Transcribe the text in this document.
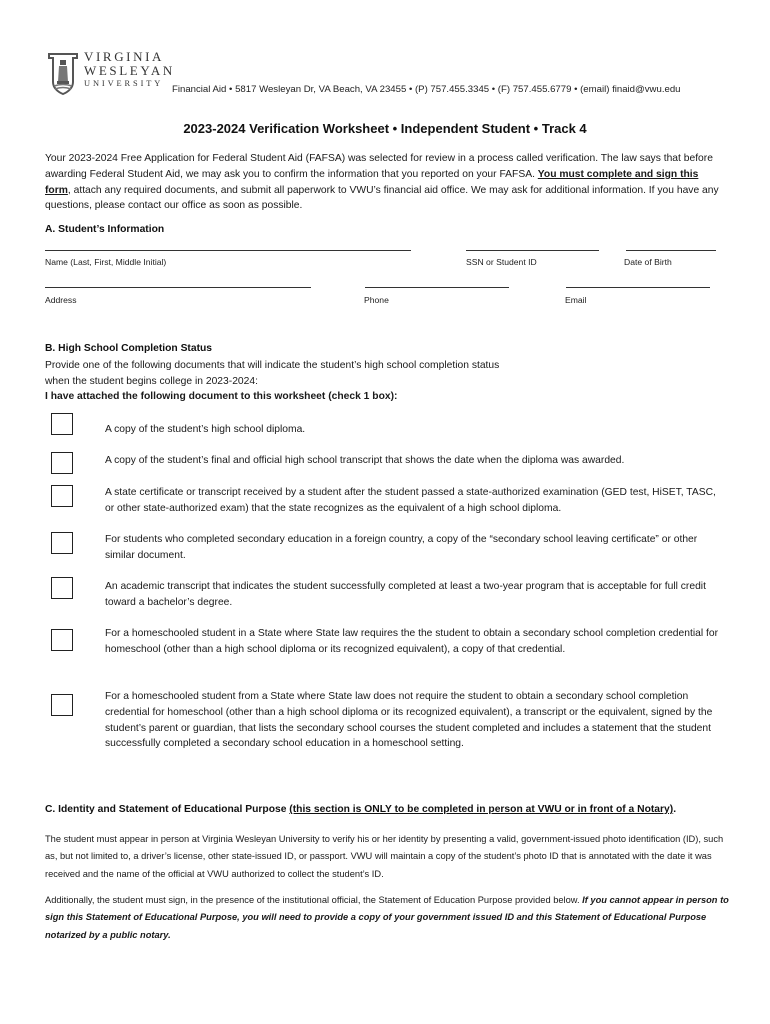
VIRGINIA
WESLEYAN
UNIVERSITY
Financial Aid • 5817 Wesleyan Dr, VA Beach, VA 23455 • (P) 757.455.3345 • (F) 757.455.6779 • (email) finaid@vwu.edu
2023-2024 Verification Worksheet • Independent Student • Track 4
Your 2023-2024 Free Application for Federal Student Aid (FAFSA) was selected for review in a process called verification. The law says that before awarding Federal Student Aid, we may ask you to confirm the information that you reported on your FAFSA. You must complete and sign this form, attach any required documents, and submit all paperwork to VWU’s financial aid office. We may ask for additional information. If you have any questions, please contact our office as soon as possible.
A. Student’s Information
Name (Last, First, Middle Initial)	SSN or Student ID	Date of Birth
Address	Phone	Email
B. High School Completion Status
Provide one of the following documents that will indicate the student’s high school completion status
when the student begins college in 2023-2024:
I have attached the following document to this worksheet (check 1 box):
A copy of the student’s high school diploma.
A copy of the student’s final and official high school transcript that shows the date when the diploma was awarded.
A state certificate or transcript received by a student after the student passed a state-authorized examination (GED test, HiSET, TASC, or other state-authorized exam) that the state recognizes as the equivalent of a high school diploma.
For students who completed secondary education in a foreign country, a copy of the “secondary school leaving certificate” or other similar document.
An academic transcript that indicates the student successfully completed at least a two-year program that is acceptable for full credit toward a bachelor’s degree.
For a homeschooled student in a State where State law requires the the student to obtain a secondary school completion credential for homeschool (other than a high school diploma or its recognized equivalent), a copy of that credential.
For a homeschooled student from a State where State law does not require the student to obtain a secondary school completion credential for homeschool (other than a high school diploma or its recognized equivalent), a transcript or the equivalent, signed by the student’s parent or guardian, that lists the secondary school courses the student completed and includes a statement that the student successfully completed a secondary school education in a homeschool setting.
C. Identity and Statement of Educational Purpose (this section is ONLY to be completed in person at VWU or in front of a Notary).
The student must appear in person at Virginia Wesleyan University to verify his or her identity by presenting a valid, government-issued photo identification (ID), such as, but not limited to, a driver’s license, other state-issued ID, or passport. VWU will maintain a copy of the student’s photo ID that is annotated with the date it was received and the name of the official at VWU authorized to collect the student’s ID.
Additionally, the student must sign, in the presence of the institutional official, the Statement of Education Purpose provided below. If you cannot appear in person to sign this Statement of Educational Purpose, you will need to provide a copy of your government issued ID and this Statement of Educational Purpose notarized by a public notary.
